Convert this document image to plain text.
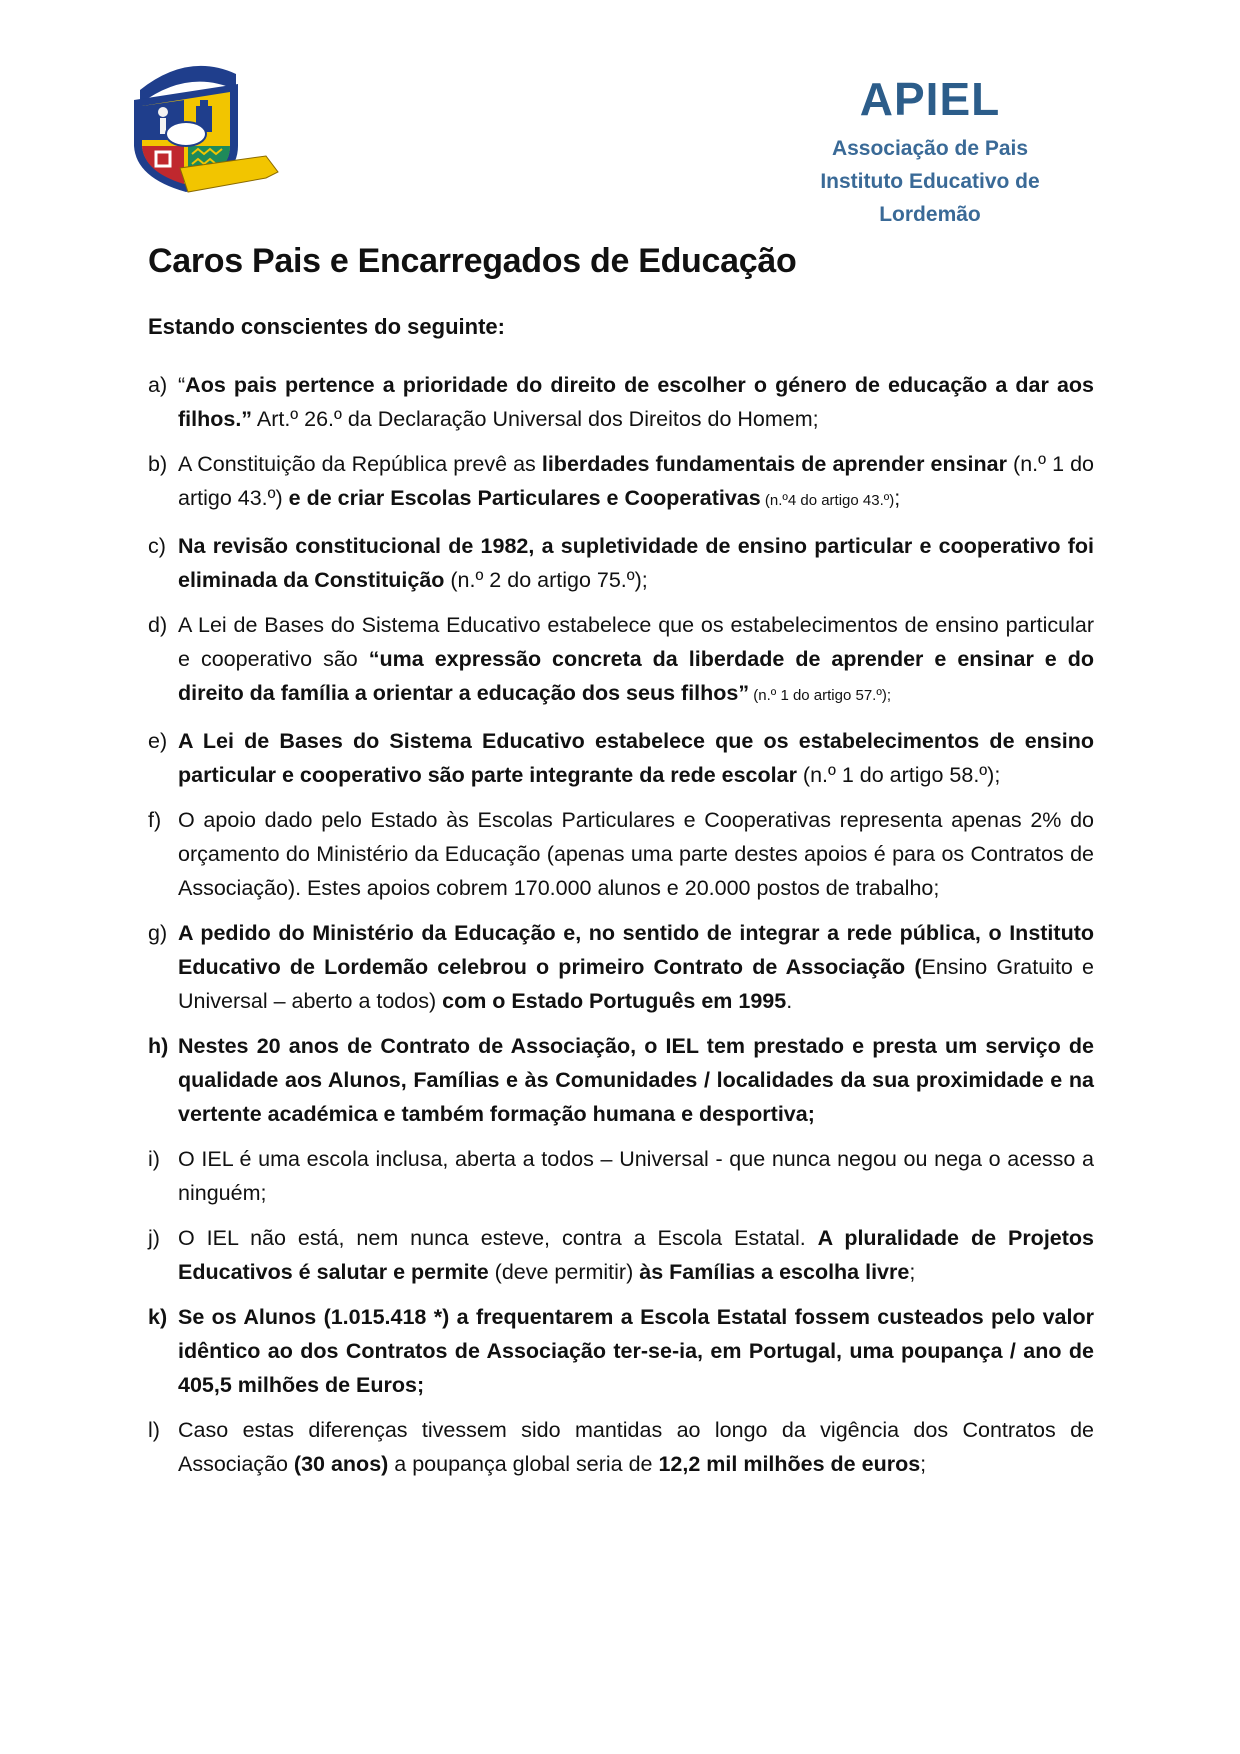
APIEL
Associação de Pais
Instituto Educativo de
Lordemão
Caros Pais e Encarregados de Educação
Estando conscientes do seguinte:
a) “Aos pais pertence a prioridade do direito de escolher o género de educação a dar aos filhos.” Art.º 26.º da Declaração Universal dos Direitos do Homem;
b) A Constituição da República prevê as liberdades fundamentais de aprender ensinar (n.º 1 do artigo 43.º) e de criar Escolas Particulares e Cooperativas (n.º4 do artigo 43.º);
c) Na revisão constitucional de 1982, a supletividade de ensino particular e cooperativo foi eliminada da Constituição (n.º 2 do artigo 75.º);
d) A Lei de Bases do Sistema Educativo estabelece que os estabelecimentos de ensino particular e cooperativo são “uma expressão concreta da liberdade de aprender e ensinar e do direito da família a orientar a educação dos seus filhos” (n.º 1 do artigo 57.º);
e) A Lei de Bases do Sistema Educativo estabelece que os estabelecimentos de ensino particular e cooperativo são parte integrante da rede escolar (n.º 1 do artigo 58.º);
f) O apoio dado pelo Estado às Escolas Particulares e Cooperativas representa apenas 2% do orçamento do Ministério da Educação (apenas uma parte destes apoios é para os Contratos de Associação). Estes apoios cobrem 170.000 alunos e 20.000 postos de trabalho;
g) A pedido do Ministério da Educação e, no sentido de integrar a rede pública, o Instituto Educativo de Lordemão celebrou o primeiro Contrato de Associação (Ensino Gratuito e Universal – aberto a todos) com o Estado Português em 1995.
h) Nestes 20 anos de Contrato de Associação, o IEL tem prestado e presta um serviço de qualidade aos Alunos, Famílias e às Comunidades / localidades da sua proximidade e na vertente académica e também formação humana e desportiva;
i) O IEL é uma escola inclusa, aberta a todos – Universal - que nunca negou ou nega o acesso a ninguém;
j) O IEL não está, nem nunca esteve, contra a Escola Estatal. A pluralidade de Projetos Educativos é salutar e permite (deve permitir) às Famílias a escolha livre;
k) Se os Alunos (1.015.418 *) a frequentarem a Escola Estatal fossem custeados pelo valor idêntico ao dos Contratos de Associação ter-se-ia, em Portugal, uma poupança / ano de 405,5 milhões de Euros;
l) Caso estas diferenças tivessem sido mantidas ao longo da vigência dos Contratos de Associação (30 anos) a poupança global seria de 12,2 mil milhões de euros;
